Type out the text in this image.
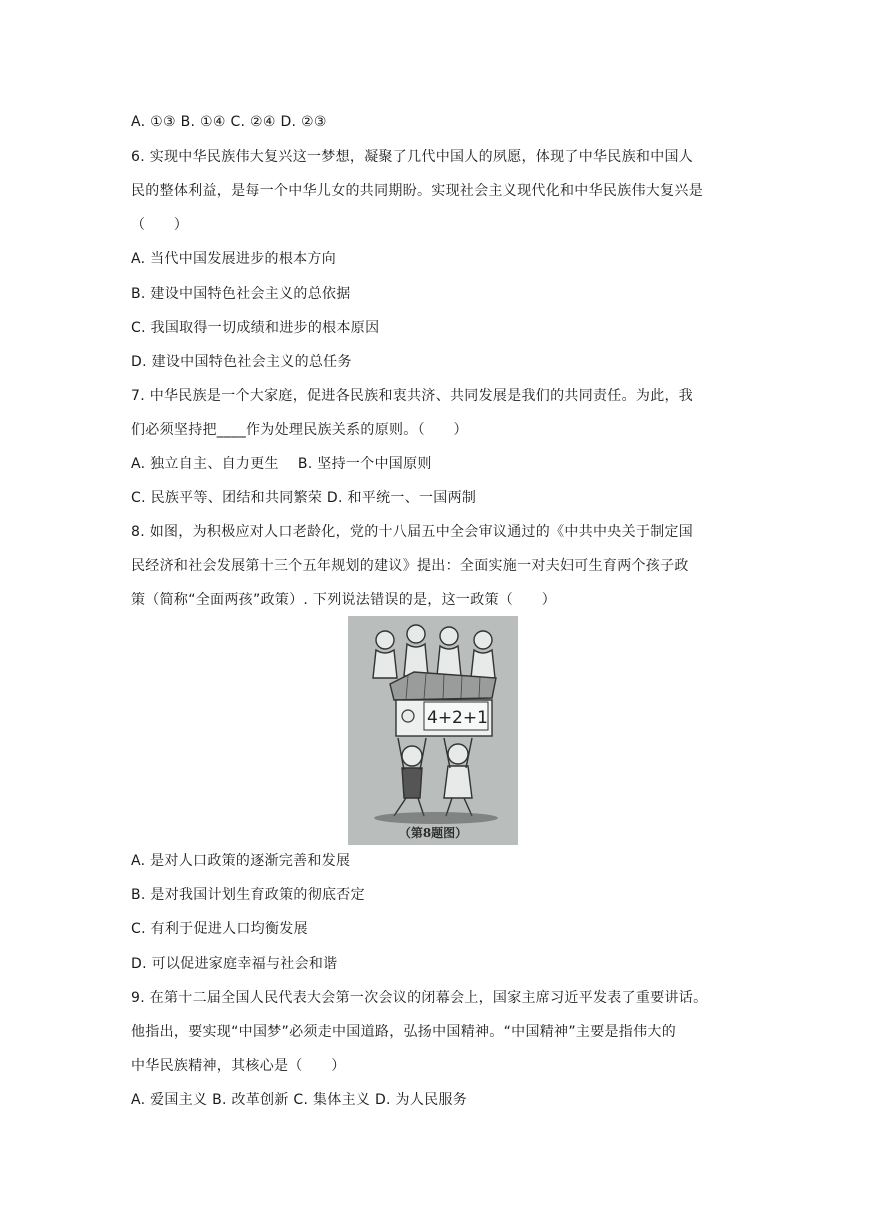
A. ①③ B. ①④ C. ②④ D. ②③
6. 实现中华民族伟大复兴这一梦想，凝聚了几代中国人的夙愿，体现了中华民族和中国人
民的整体利益，是每一个中华儿女的共同期盼。实现社会主义现代化和中华民族伟大复兴是
（　　）
A. 当代中国发展进步的根本方向
B. 建设中国特色社会主义的总依据
C. 我国取得一切成绩和进步的根本原因
D. 建设中国特色社会主义的总任务
7. 中华民族是一个大家庭，促进各民族和衷共济、共同发展是我们的共同责任。为此，我
们必须坚持把____作为处理民族关系的原则。（　　）
A. 独立自主、自力更生　 B. 坚持一个中国原则
C. 民族平等、团结和共同繁荣 D. 和平统一、一国两制
8. 如图，为积极应对人口老龄化，党的十八届五中全会审议通过的《中共中央关于制定国
民经济和社会发展第十三个五年规划的建议》提出：全面实施一对夫妇可生育两个孩子政
策（简称“全面两孩”政策）. 下列说法错误的是，这一政策（　　）
4+2+1
（第8题图）
A. 是对人口政策的逐渐完善和发展
B. 是对我国计划生育政策的彻底否定
C. 有利于促进人口均衡发展
D. 可以促进家庭幸福与社会和谐
9. 在第十二届全国人民代表大会第一次会议的闭幕会上，国家主席习近平发表了重要讲话。
他指出，要实现“中国梦”必须走中国道路，弘扬中国精神。“中国精神”主要是指伟大的
中华民族精神，其核心是（　　）
A. 爱国主义 B. 改革创新 C. 集体主义 D. 为人民服务
